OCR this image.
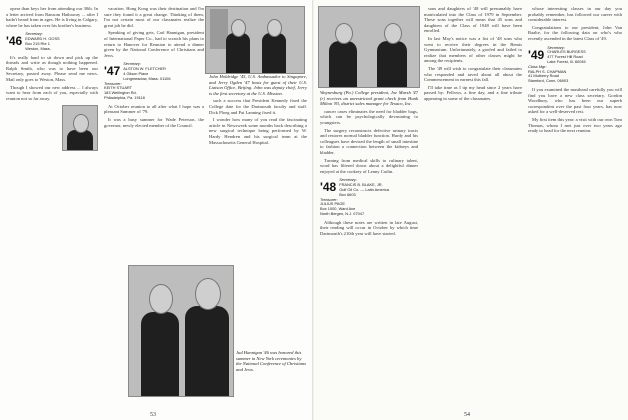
opera than keys her from attending our 30th. In a letter arrived from Ransom Hathaway ... after I hadn't heard from in ages. He is living in Calgary, where he has taken over his brother's business.

'46
Secretary:
EDWARD H. GOSS
Box 215 Rte 1
Weston, Mass.

It's really hard to sit down and pick up the threads and write as though nothing happened. Ralph Smith, who was to have been our Secretary, passed away. Please send me news. Mail only goes to Weston, Mass.

Though I showed our new address ... I always want to hear from each of you, especially with reunion not so far away.

vacation. Hong Kong was their destination and I'm sure they found it a great change. Thinking of them, I'm not certain most of our classmates realize the great job he did.

Speaking of giving gets, Carl Hannigan, president of International Paper Co., had to scratch his plans to return to Hanover for Reunion to attend a dinner given by the National Conference of Christians and Jews.

'47
Secretary:
ALSTON W. FLETCHER
4 Gilson Place
Longmeadow, Mass. 01106
Treasurer:
KEITH STUART
183 Wellington Rd.
Philadelphia, Pa. 19118

At October reunion to all after what I hope was a pleasant Summer of '79.

It was a busy summer for Wade Peterson, the governor, newly elected member of the Council.

John Holdridge '45, U.S. Ambassador to Singapore, and Jerry Ogden '47 hosts for guest of their U.S. Liaison Office, Beijing. John was deputy chief, Jerry is the first secretary at the U.S. Mission.

such a success that President Kennedy fixed the College date for the Dartmouth faculty and staff. Dick Ploeg and Pat Lanning fixed it.

I wonder how many of you read the fascinating article in Newsweek some months back describing a new surgical technique being performed by W. Hardy Hendren and his surgical team at the Massachusetts General Hospital.

Jud Hannigan '46 was honored this summer in New York ceremonies by the National Conference of Christians and Jews.
53

Waynesburg (Pa.) College president, Joe Marsh '47 (r) receives an unrestricted grant check from Hank Milton '83, district sales manager for Texaco, Inc.

cancer cases eliminates the need for bladder bags, which can be psychologically devastating to youngsters.

The surgery reconstructs defective urinary tracts and restores normal bladder function. Hardy and his colleagues have devised the length of small intestine to fashion a connection between the kidneys and bladder.

Turning from medical skills to culinary talent, word has filtered down about a delightful dinner enjoyed at the cookery of Lenny Carlin.

'48
Secretary:
FRANCIS B. BLAKE, JR.
Gulf Oil Co. — Latin America
Box 6603
Treasurer:
JULIUS PAGE
Box 1000, Ward Ave
North Bergen, N.J. 07047

Although these notes are written in late August, their reading will occur in October by which time Dartmouth's 210th year will have started.

sons and daughters of '48 will presumably have matriculated into the Class of 1979 in September. These sons together will mean that 45 sons and daughters of the Class of 1948 will have been enrolled.

In last May's notice was a list of '48 sons who went to receive their degrees in the Bemis Gymnasium. Unfortunately, a goofed and failed to realize that members of other classes might be among the recipients.

The '49 will wish to congratulate their classmates who responded and raved about all about the Commencement in earnest this fall.

I'll take time as I tip my head since 2 years have passed by: Fellows, a fine day, and a fine tribute appearing in some of the classmates.

whose interesting classes in our day you probably remember, has followed our career with considerable interest.

Congratulations to our president, John Van Raalte, for the following data on who's who recently ascended in the latest Class of '49.

'49
Secretary:
CHARLES BURGESS
477 Forest Hill Road
Lake Forest, Ill. 60045
Class Mgr:
RALPH S. CHAPMAN
41 Mulberry Road
Stamford, Conn. 06903

If you examined the masthead carefully you will find you have a new class secretary. Gordon Woodbury, who has been our superb correspondent over the past four years, has now asked for a well-deserved rest.

My first item this year: a visit with our own Tom Thomas, whom I met just over two years ago ready to head for the next reunion.

54
